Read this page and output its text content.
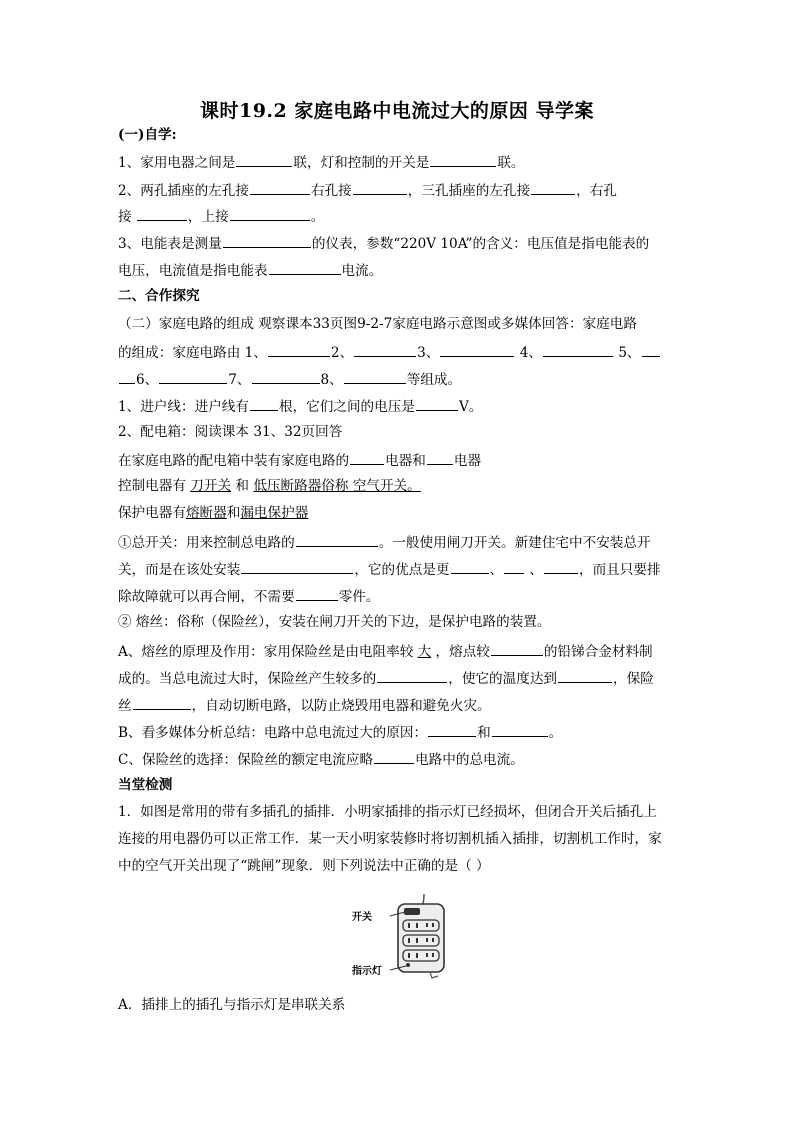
课时19.2 家庭电路中电流过大的原因 导学案
(一)自学:
1、家用电器之间是	联，灯和控制的开关是	联。
2、两孔插座的左孔接	右孔接	，三孔插座的左孔接	，右孔
接	，上接	。
3、电能表是测量	的仪表，参数“220V 10A”的含义：电压值是指电能表的
电压，电流值是指电能表	电流。
二、合作探究
（二）家庭电路的组成 观察课本33页图9-2-7家庭电路示意图或多媒体回答：家庭电路
的组成：家庭电路由 1、	2、	3、	4、	5、
6、	7、	8、	等组成。
1、进户线：进户线有 根，它们之间的电压是	V。
2、配电箱：阅读课本 31、32页回答
在家庭电路的配电箱中装有家庭电路的	电器和 电器
控制电器有 刀开关 和 低压断路器俗称 空气开关。
保护电器有熔断器和漏电保护器
①总开关：用来控制总电路的	。一般使用闸刀开关。新建住宅中不安装总开
关，而是在该处安装	，它的优点是更	、 、	，而且只要排
除故障就可以再合闸，不需要	零件。
② 熔丝：俗称（保险丝），安装在闸刀开关的下边，是保护电路的装置。
A、熔丝的原理及作用：家用保险丝是由电阻率较 大 ，熔点较	的铅锑合金材料制
成的。当总电流过大时，保险丝产生较多的	，使它的温度达到	，保险
丝	，自动切断电路，以防止烧毁用电器和避免火灾。
B、看多媒体分析总结：电路中总电流过大的原因：	和	。
C、保险丝的选择：保险丝的额定电流应略	电路中的总电流。
当堂检测
1．如图是常用的带有多插孔的插排．小明家插排的指示灯已经损坏，但闭合开关后插孔上
连接的用电器仍可以正常工作．某一天小明家装修时将切割机插入插排，切割机工作时，家
中的空气开关出现了“跳闸”现象．则下列说法中正确的是（ ）
开关
指示灯
A．插排上的插孔与指示灯是串联关系
